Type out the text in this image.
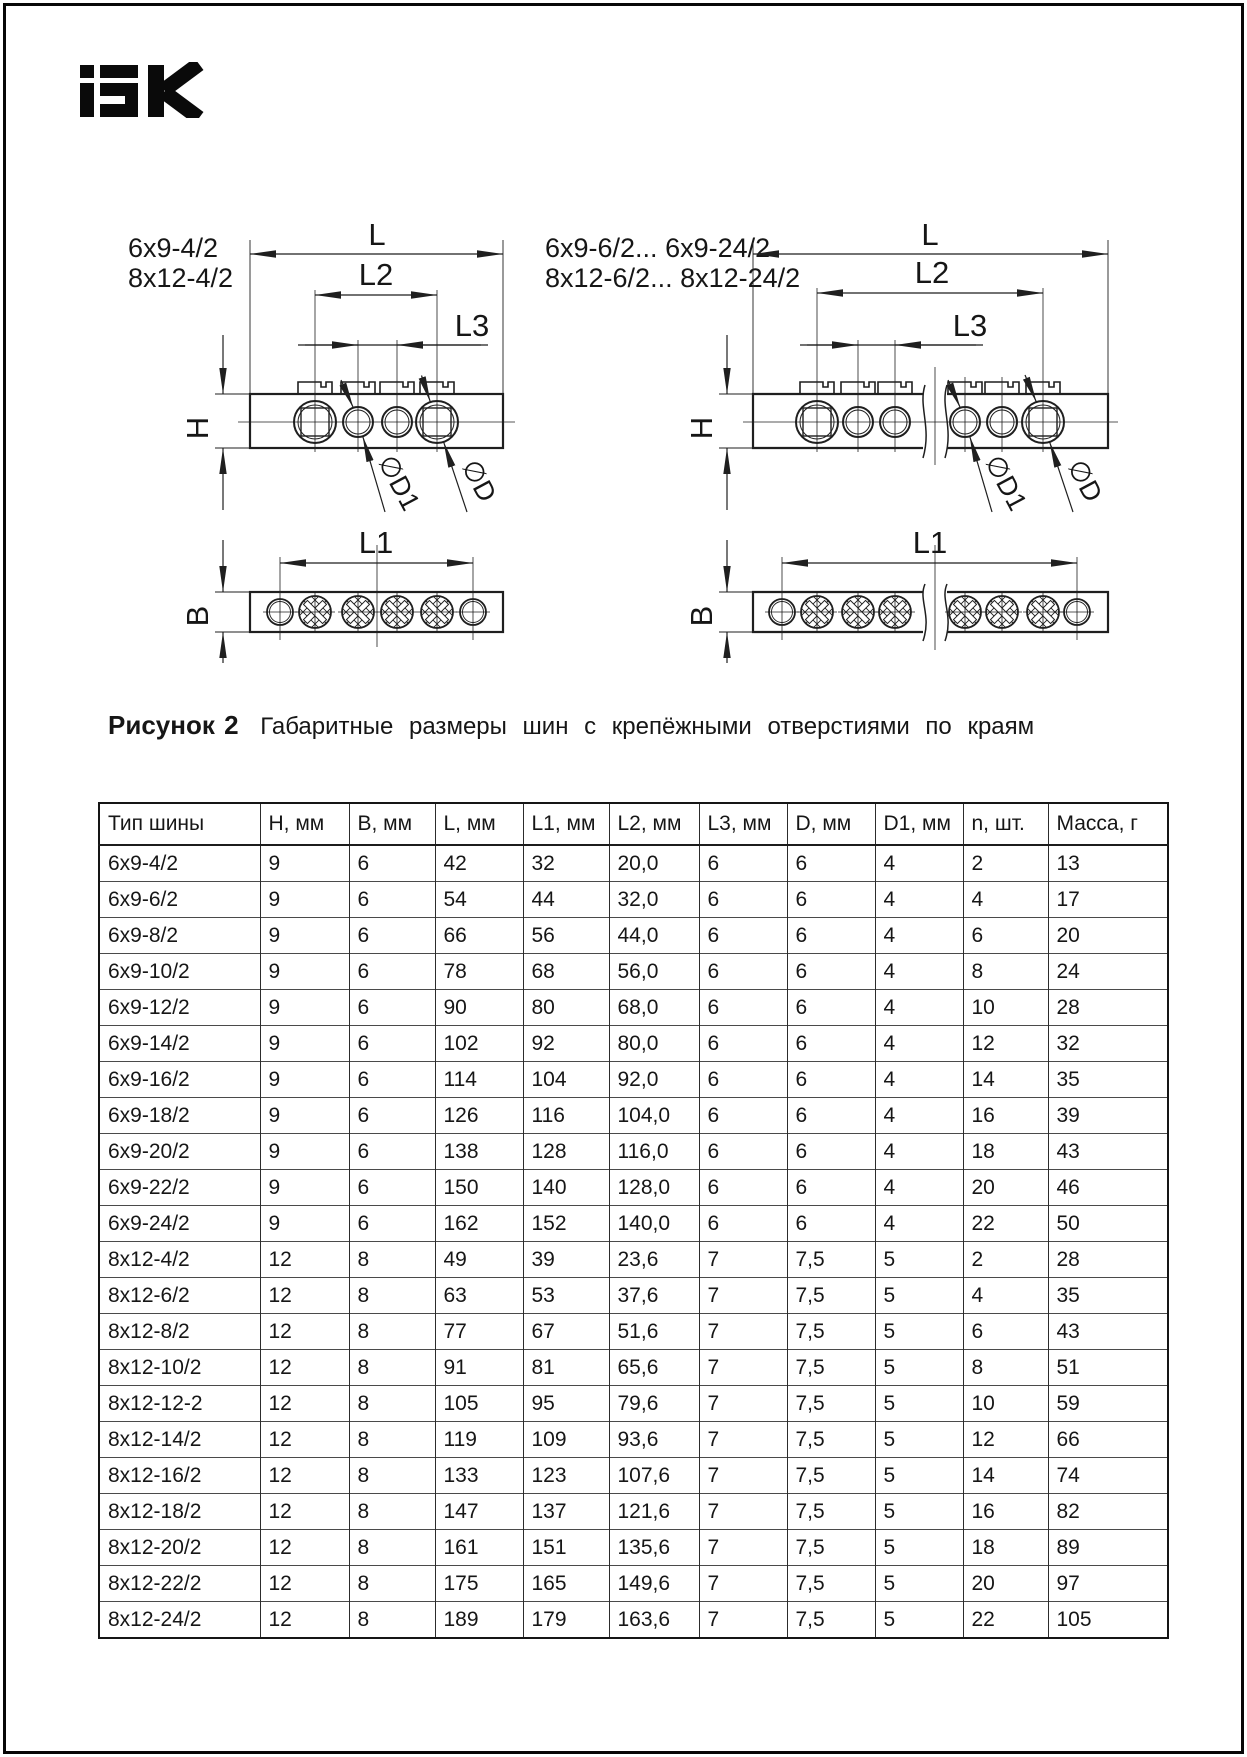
6x9-4/2
8x12-4/2
L
L2
L3
H
∅D1 ∅D
L1
B
6x9-6/2... 6x9-24/2
8x12-6/2... 8x12-24/2
L
L2
L3
H
∅D1 ∅D
L1
B
Рисунок 2 Габаритные размеры шин с крепёжными отверстиями по краям
Тип шины	H, мм	B, мм	L, мм	L1, мм	L2, мм	L3, мм	D, мм	D1, мм	n, шт.	Масса, г
6x9-4/2	9	6	42	32	20,0	6	6	4	2	13
6x9-6/2	9	6	54	44	32,0	6	6	4	4	17
6x9-8/2	9	6	66	56	44,0	6	6	4	6	20
6x9-10/2	9	6	78	68	56,0	6	6	4	8	24
6x9-12/2	9	6	90	80	68,0	6	6	4	10	28
6x9-14/2	9	6	102	92	80,0	6	6	4	12	32
6x9-16/2	9	6	114	104	92,0	6	6	4	14	35
6x9-18/2	9	6	126	116	104,0	6	6	4	16	39
6x9-20/2	9	6	138	128	116,0	6	6	4	18	43
6x9-22/2	9	6	150	140	128,0	6	6	4	20	46
6x9-24/2	9	6	162	152	140,0	6	6	4	22	50
8x12-4/2	12	8	49	39	23,6	7	7,5	5	2	28
8x12-6/2	12	8	63	53	37,6	7	7,5	5	4	35
8x12-8/2	12	8	77	67	51,6	7	7,5	5	6	43
8x12-10/2	12	8	91	81	65,6	7	7,5	5	8	51
8x12-12-2	12	8	105	95	79,6	7	7,5	5	10	59
8x12-14/2	12	8	119	109	93,6	7	7,5	5	12	66
8x12-16/2	12	8	133	123	107,6	7	7,5	5	14	74
8x12-18/2	12	8	147	137	121,6	7	7,5	5	16	82
8x12-20/2	12	8	161	151	135,6	7	7,5	5	18	89
8x12-22/2	12	8	175	165	149,6	7	7,5	5	20	97
8x12-24/2	12	8	189	179	163,6	7	7,5	5	22	105
